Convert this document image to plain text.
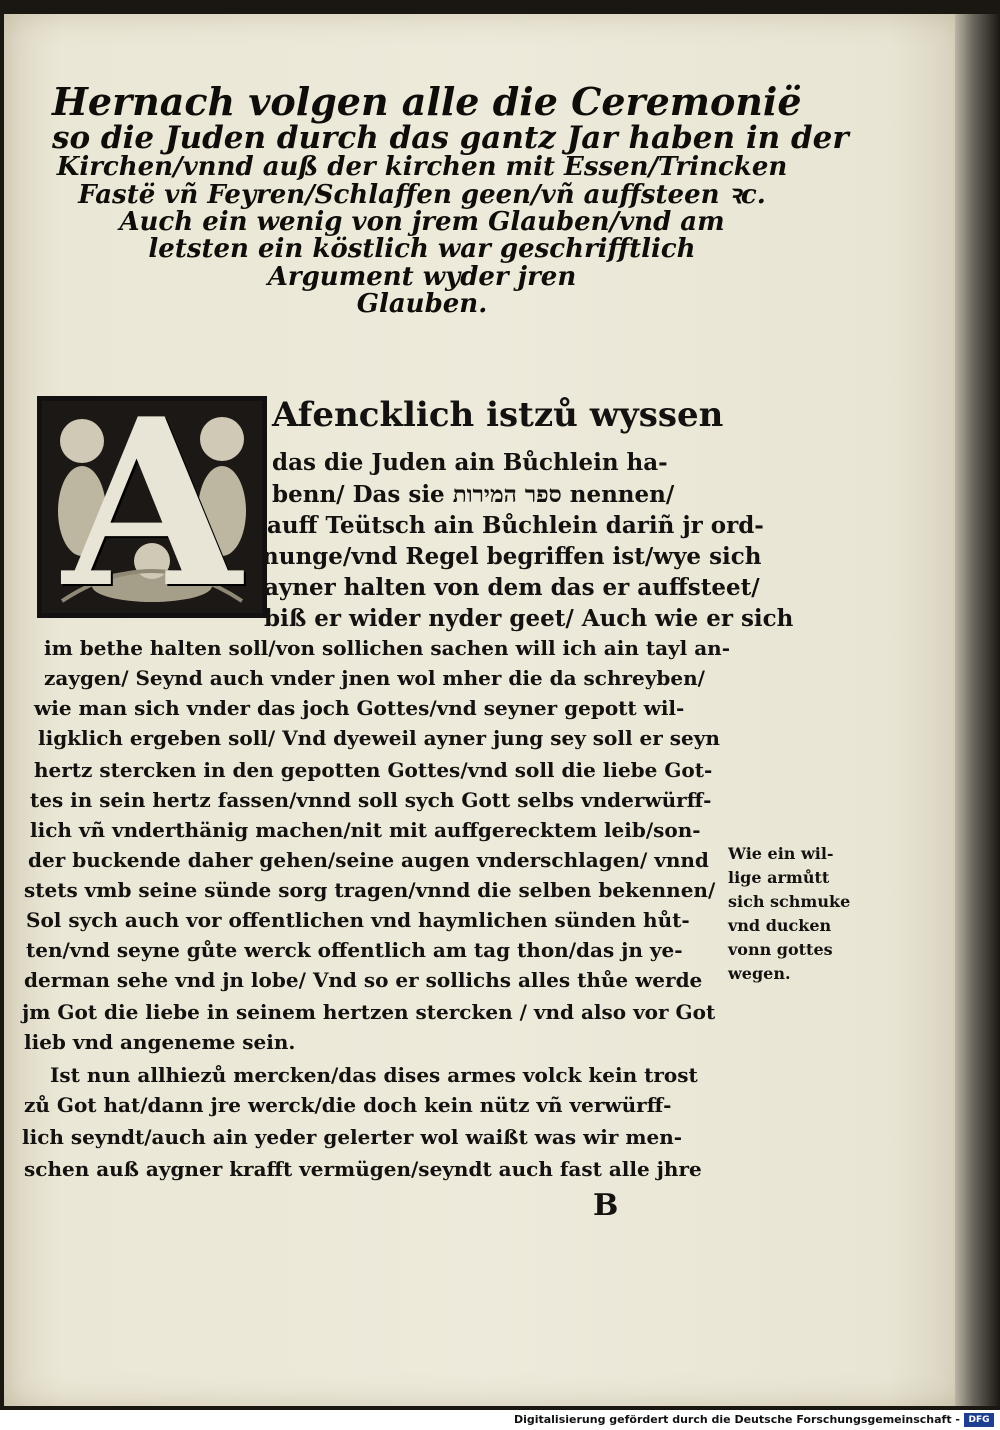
Hernach volgen alle die Ceremonië
so die Juden durch das gantz Jar haben in der
Kirchen/vnnd auß der kirchen mit Essen/Trincken
Fastë vñ Feyren/Schlaffen geen/vñ auffsteen ꝛc.
Auch ein wenig von jrem Glauben/vnd am
letsten ein köstlich war geschrifftlich
Argument wyder jren
Glauben.
A Afencklich istzů wyssen
das die Juden ain Bůchlein ha-
benn/ Das sie ספר המירות nennen/
auff Teütsch ain Bůchlein dariñ jr ord-
nunge/vnd Regel begriffen ist/wye sich
ayner halten von dem das er auffsteet/
biß er wider nyder geet/ Auch wie er sich
im bethe halten soll/von sollichen sachen will ich ain tayl an-
zaygen/ Seynd auch vnder jnen wol mher die da schreyben/
wie man sich vnder das joch Gottes/vnd seyner gepott wil-
ligklich ergeben soll/ Vnd dyeweil ayner jung sey soll er seyn
hertz stercken in den gepotten Gottes/vnd soll die liebe Got-
tes in sein hertz fassen/vnnd soll sych Gott selbs vnderwürff-
lich vñ vnderthänig machen/nit mit auffgerecktem leib/son-
der buckende daher gehen/seine augen vnderschlagen/ vnnd
stets vmb seine sünde sorg tragen/vnnd die selben bekennen/
Sol sych auch vor offentlichen vnd haymlichen sünden hůt-
ten/vnd seyne gůte werck offentlich am tag thon/das jn ye-
derman sehe vnd jn lobe/ Vnd so er sollichs alles thůe werde
jm Got die liebe in seinem hertzen stercken / vnd also vor Got
lieb vnd angeneme sein.
Ist nun allhiezů mercken/das dises armes volck kein trost
zů Got hat/dann jre werck/die doch kein nütz vñ verwürff-
lich seyndt/auch ain yeder gelerter wol waißt was wir men-
schen auß aygner krafft vermügen/seyndt auch fast alle jhre
Wie ein wil-
lige armůtt
sich schmuke
vnd ducken
vonn gottes
wegen.
B
Digitalisierung gefördert durch die Deutsche Forschungsgemeinschaft - DFG
